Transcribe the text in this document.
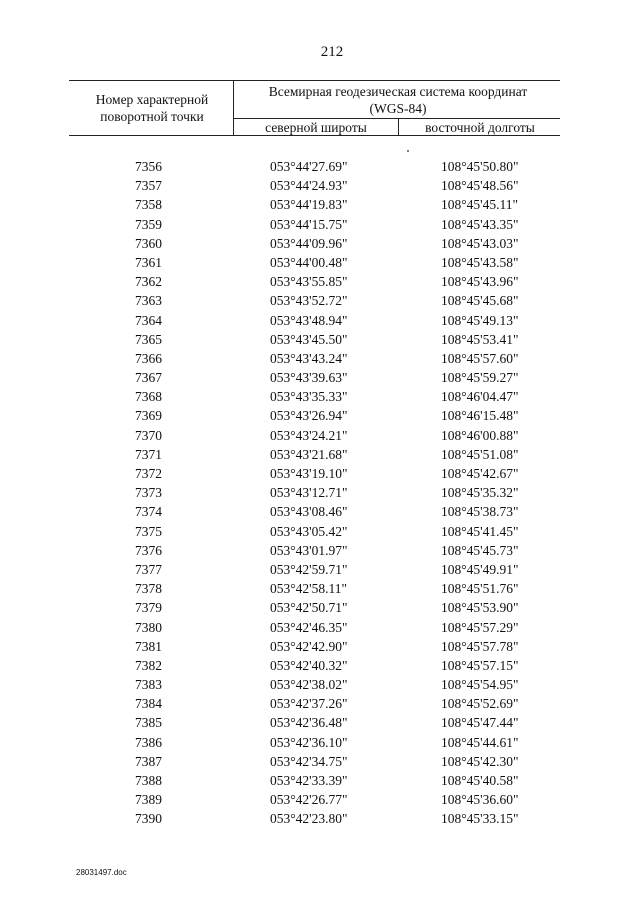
212
Номер характерной поворотной точки
Всемирная геодезическая система координат
(WGS-84)
северной широты	восточной долготы
7356	053°44'27.69"	108°45'50.80"
7357	053°44'24.93"	108°45'48.56"
7358	053°44'19.83"	108°45'45.11"
7359	053°44'15.75"	108°45'43.35"
7360	053°44'09.96"	108°45'43.03"
7361	053°44'00.48"	108°45'43.58"
7362	053°43'55.85"	108°45'43.96"
7363	053°43'52.72"	108°45'45.68"
7364	053°43'48.94"	108°45'49.13"
7365	053°43'45.50"	108°45'53.41"
7366	053°43'43.24"	108°45'57.60"
7367	053°43'39.63"	108°45'59.27"
7368	053°43'35.33"	108°46'04.47"
7369	053°43'26.94"	108°46'15.48"
7370	053°43'24.21"	108°46'00.88"
7371	053°43'21.68"	108°45'51.08"
7372	053°43'19.10"	108°45'42.67"
7373	053°43'12.71"	108°45'35.32"
7374	053°43'08.46"	108°45'38.73"
7375	053°43'05.42"	108°45'41.45"
7376	053°43'01.97"	108°45'45.73"
7377	053°42'59.71"	108°45'49.91"
7378	053°42'58.11"	108°45'51.76"
7379	053°42'50.71"	108°45'53.90"
7380	053°42'46.35"	108°45'57.29"
7381	053°42'42.90"	108°45'57.78"
7382	053°42'40.32"	108°45'57.15"
7383	053°42'38.02"	108°45'54.95"
7384	053°42'37.26"	108°45'52.69"
7385	053°42'36.48"	108°45'47.44"
7386	053°42'36.10"	108°45'44.61"
7387	053°42'34.75"	108°45'42.30"
7388	053°42'33.39"	108°45'40.58"
7389	053°42'26.77"	108°45'36.60"
7390	053°42'23.80"	108°45'33.15"
28031497.doc
